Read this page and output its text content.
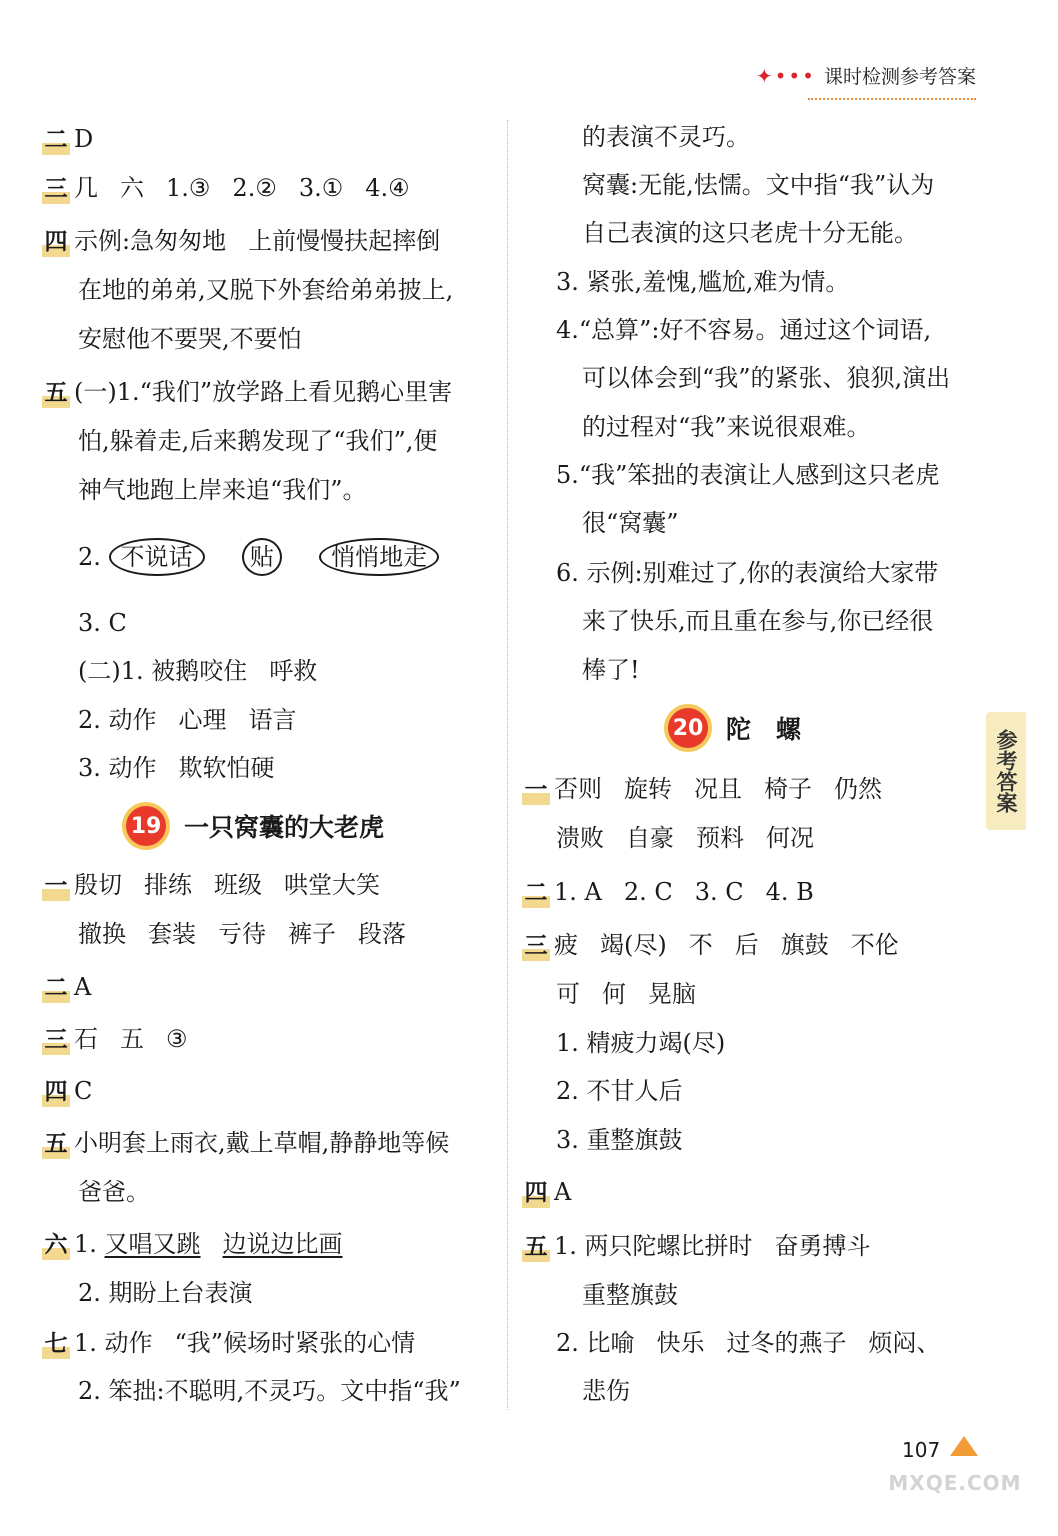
✦••• 课时检测参考答案
二 D
三 几 六 1.③ 2.② 3.① 4.④
四 示例:急匆匆地 上前慢慢扶起摔倒
在地的弟弟,又脱下外套给弟弟披上,
安慰他不要哭,不要怕
五 (一)1.“我们”放学路上看见鹅心里害
怕,躲着走,后来鹅发现了“我们”,便
神气地跑上岸来追“我们”。
2. 不说话 贴 悄悄地走
3. C
(二)1. 被鹅咬住 呼救
2. 动作 心理 语言
3. 动作 欺软怕硬
19 一只窝囊的大老虎
一 殷切 排练 班级 哄堂大笑
撤换 套装 亏待 裤子 段落
二 A
三 石 五 ③
四 C
五 小明套上雨衣,戴上草帽,静静地等候
爸爸。
六 1. 又唱又跳 边说边比画
2. 期盼上台表演
七 1. 动作 “我”候场时紧张的心情
2. 笨拙:不聪明,不灵巧。文中指“我”
的表演不灵巧。
窝囊:无能,怯懦。文中指“我”认为
自己表演的这只老虎十分无能。
3. 紧张,羞愧,尴尬,难为情。
4.“总算”:好不容易。通过这个词语,
可以体会到“我”的紧张、狼狈,演出
的过程对“我”来说很艰难。
5.“我”笨拙的表演让人感到这只老虎
很“窝囊”
6. 示例:别难过了,你的表演给大家带
来了快乐,而且重在参与,你已经很
棒了!
20 陀　螺
一 否则 旋转 况且 椅子 仍然
溃败 自豪 预料 何况
二 1. A 2. C 3. C 4. B
三 疲 竭(尽) 不 后 旗鼓 不伦
可 何 晃脑
1. 精疲力竭(尽)
2. 不甘人后
3. 重整旗鼓
四 A
五 1. 两只陀螺比拼时 奋勇搏斗
重整旗鼓
2. 比喻 快乐 过冬的燕子 烦闷、
悲伤
参考答案
107
MXQE.COM
